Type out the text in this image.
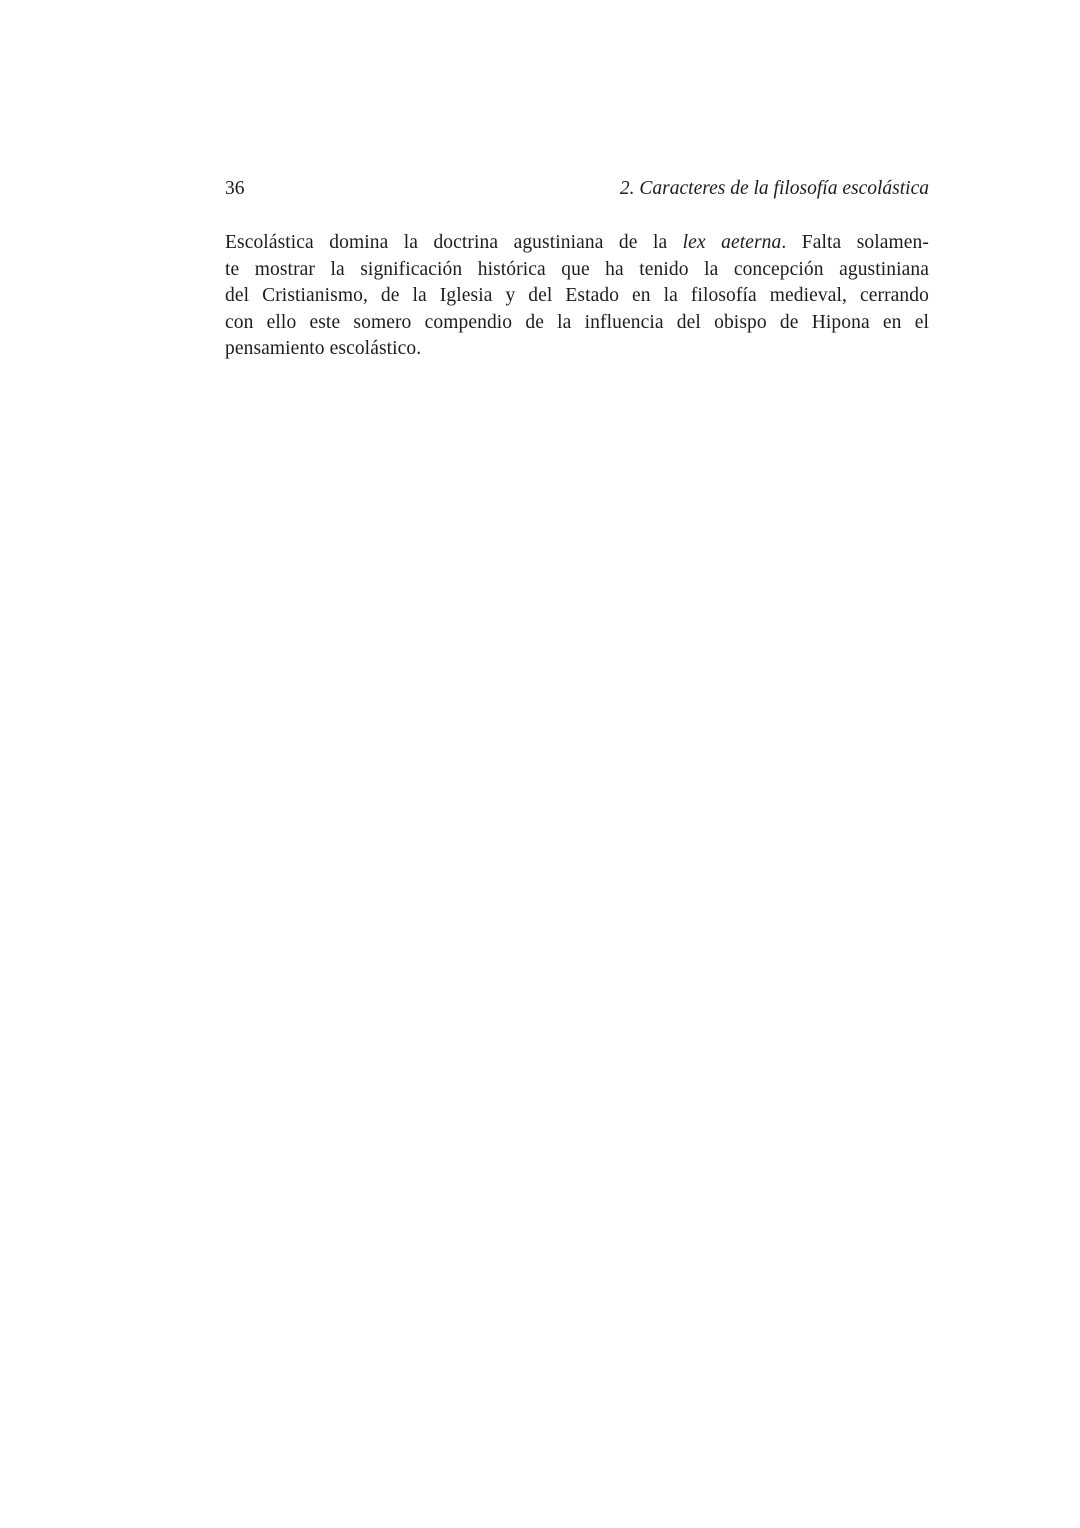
36	2. Caracteres de la filosofía escolástica
Escolástica domina la doctrina agustiniana de la lex aeterna. Falta solamen-
te mostrar la significación histórica que ha tenido la concepción agustiniana
del Cristianismo, de la Iglesia y del Estado en la filosofía medieval, cerrando
con ello este somero compendio de la influencia del obispo de Hipona en el
pensamiento escolástico.
